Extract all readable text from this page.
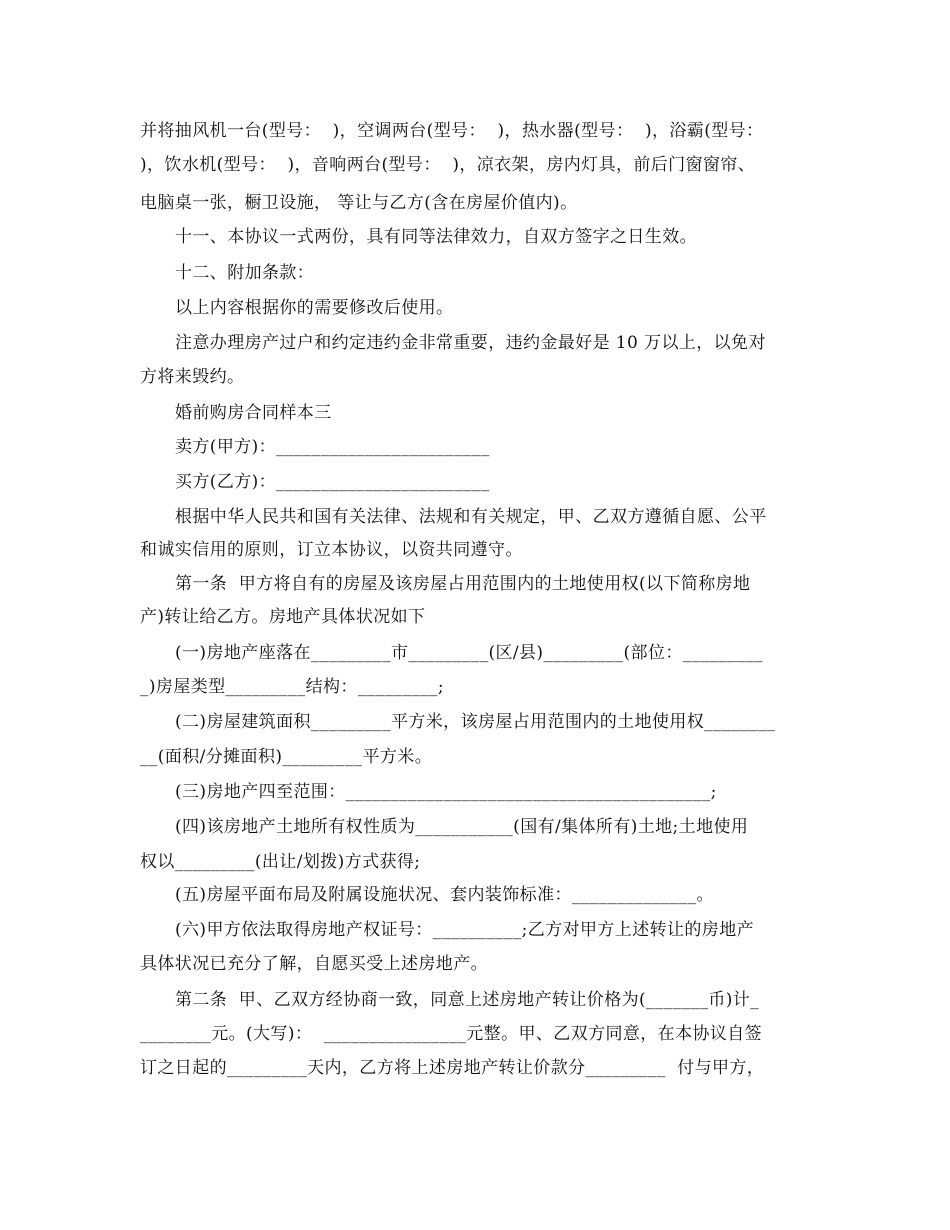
并将抽风机一台(型号：  )，空调两台(型号：  )，热水器(型号：  )，浴霸(型号：
)，饮水机(型号：  )，音响两台(型号：  )，凉衣架，房内灯具，前后门窗窗帘、
电脑桌一张，橱卫设施， 等让与乙方(含在房屋价值内)。
十一、本协议一式两份，具有同等法律效力，自双方签字之日生效。
十二、附加条款：
以上内容根据你的需要修改后使用。
注意办理房产过户和约定违约金非常重要，违约金最好是 10 万以上，以免对
方将来毁约。
婚前购房合同样本三
卖方(甲方)：________________________
买方(乙方)：________________________
根据中华人民共和国有关法律、法规和有关规定，甲、乙双方遵循自愿、公平
和诚实信用的原则，订立本协议，以资共同遵守。
第一条  甲方将自有的房屋及该房屋占用范围内的土地使用权(以下简称房地
产)转让给乙方。房地产具体状况如下
(一)房地产座落在_________市_________(区/县)_________(部位：_________
_)房屋类型_________结构：_________;
(二)房屋建筑面积_________平方米，该房屋占用范围内的土地使用权________
__(面积/分摊面积)_________平方米。
(三)房地产四至范围：_________________________________________;
(四)该房地产土地所有权性质为___________(国有/集体所有)土地;土地使用
权以_________(出让/划拨)方式获得;
(五)房屋平面布局及附属设施状况、套内装饰标准：______________。
(六)甲方依法取得房地产权证号：__________;乙方对甲方上述转让的房地产
具体状况已充分了解，自愿买受上述房地产。
第二条  甲、乙双方经协商一致，同意上述房地产转让价格为(_______币)计_
________元。(大写)：  ________________元整。甲、乙双方同意，在本协议自签
订之日起的_________天内，乙方将上述房地产转让价款分_________  付与甲方，
